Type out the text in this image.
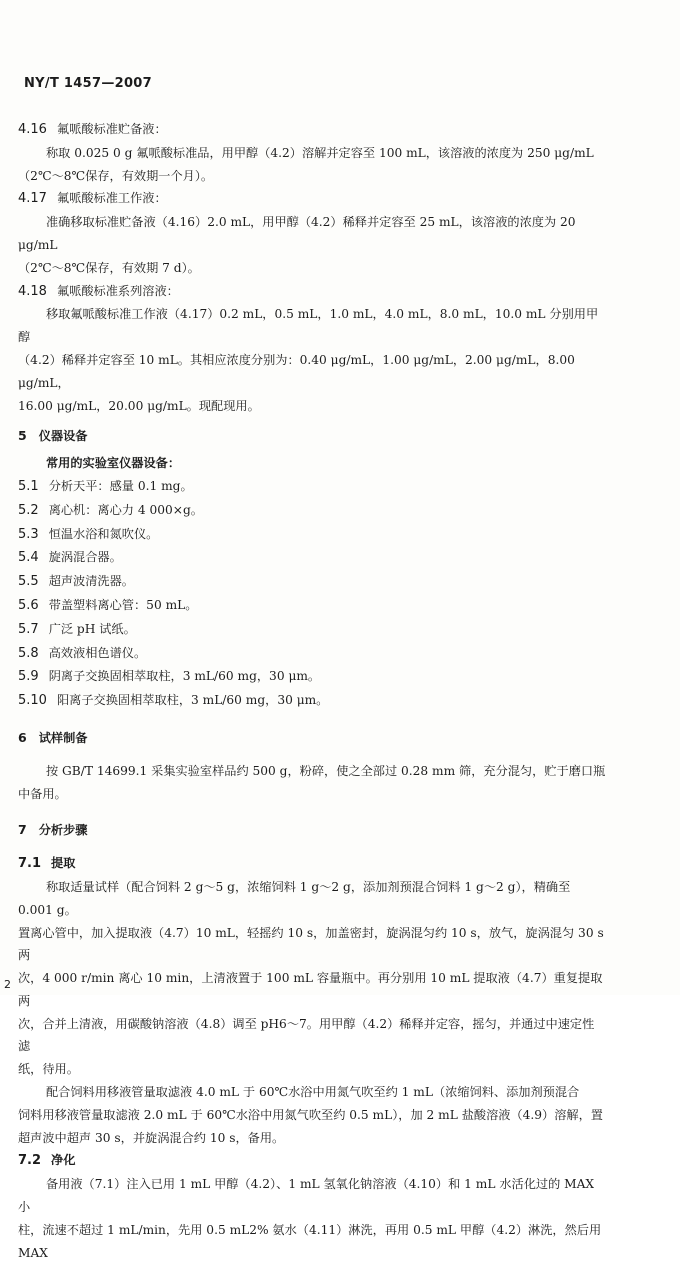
NY/T 1457—2007
4.16 氟哌酸标准贮备液：
称取 0.025 0 g 氟哌酸标准品，用甲醇（4.2）溶解并定容至 100 mL，该溶液的浓度为 250 μg/mL
（2℃～8℃保存，有效期一个月）。
4.17 氟哌酸标准工作液：
准确移取标准贮备液（4.16）2.0 mL，用甲醇（4.2）稀释并定容至 25 mL，该溶液的浓度为 20 μg/mL
（2℃～8℃保存，有效期 7 d）。
4.18 氟哌酸标准系列溶液：
移取氟哌酸标准工作液（4.17）0.2 mL，0.5 mL，1.0 mL，4.0 mL，8.0 mL，10.0 mL 分别用甲醇
（4.2）稀释并定容至 10 mL。其相应浓度分别为：0.40 μg/mL，1.00 μg/mL，2.00 μg/mL，8.00 μg/mL，
16.00 μg/mL，20.00 μg/mL。现配现用。
5 仪器设备
常用的实验室仪器设备：
5.1 分析天平：感量 0.1 mg。
5.2 离心机：离心力 4 000×g。
5.3 恒温水浴和氮吹仪。
5.4 旋涡混合器。
5.5 超声波清洗器。
5.6 带盖塑料离心管：50 mL。
5.7 广泛 pH 试纸。
5.8 高效液相色谱仪。
5.9 阴离子交换固相萃取柱，3 mL/60 mg，30 μm。
5.10 阳离子交换固相萃取柱，3 mL/60 mg，30 μm。
6 试样制备
按 GB/T 14699.1 采集实验室样品约 500 g，粉碎，使之全部过 0.28 mm 筛，充分混匀，贮于磨口瓶
中备用。
7 分析步骤
7.1 提取
称取适量试样（配合饲料 2 g～5 g，浓缩饲料 1 g～2 g，添加剂预混合饲料 1 g～2 g），精确至 0.001 g。
置离心管中，加入提取液（4.7）10 mL，轻摇约 10 s，加盖密封，旋涡混匀约 10 s，放气，旋涡混匀 30 s 两
次，4 000 r/min 离心 10 min，上清液置于 100 mL 容量瓶中。再分别用 10 mL 提取液（4.7）重复提取两
次，合并上清液，用碳酸钠溶液（4.8）调至 pH6～7。用甲醇（4.2）稀释并定容，摇匀，并通过中速定性滤
纸，待用。
配合饲料用移液管量取滤液 4.0 mL 于 60℃水浴中用氮气吹至约 1 mL（浓缩饲料、添加剂预混合
饲料用移液管量取滤液 2.0 mL 于 60℃水浴中用氮气吹至约 0.5 mL），加 2 mL 盐酸溶液（4.9）溶解，置
超声波中超声 30 s，并旋涡混合约 10 s，备用。
7.2 净化
备用液（7.1）注入已用 1 mL 甲醇（4.2）、1 mL 氢氧化钠溶液（4.10）和 1 mL 水活化过的 MAX 小
柱，流速不超过 1 mL/min，先用 0.5 mL2% 氨水（4.11）淋洗，再用 0.5 mL 甲醇（4.2）淋洗，然后用 MAX
2
